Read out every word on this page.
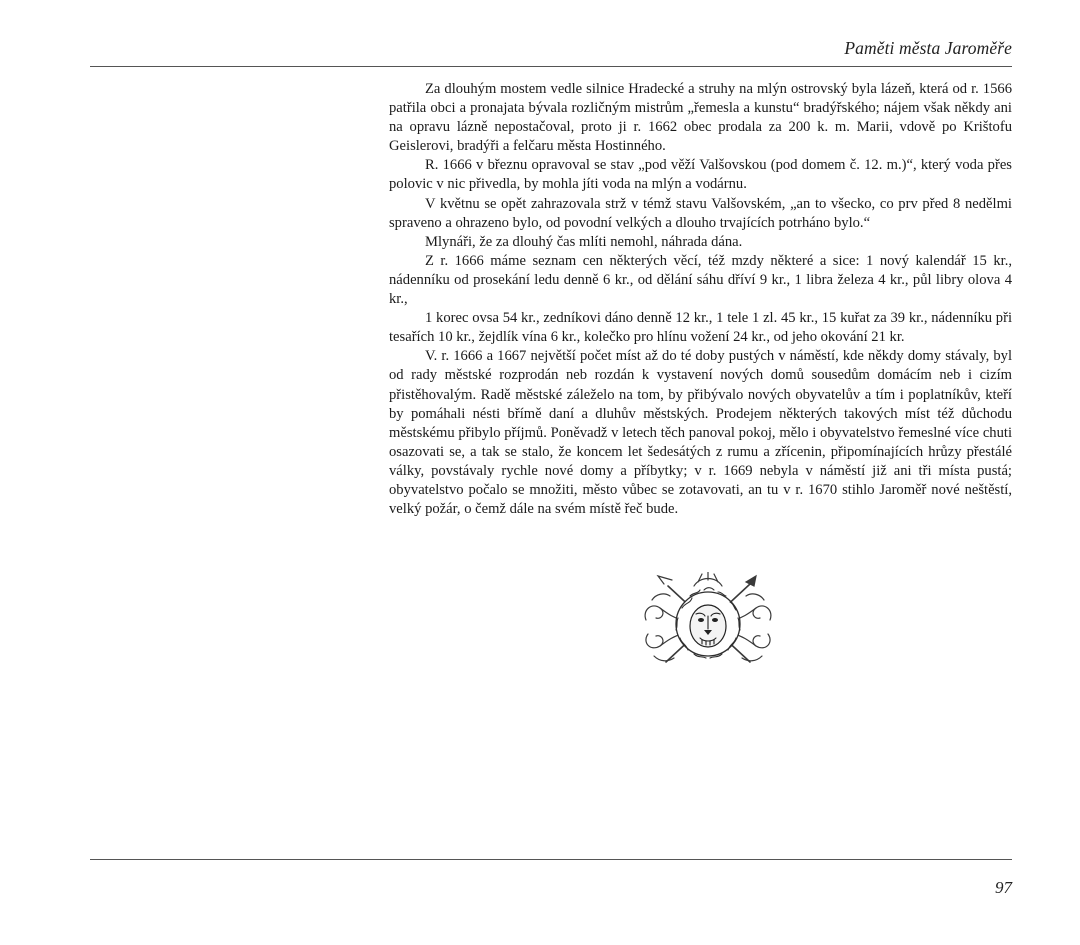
Paměti města Jaroměře

Za dlouhým mostem vedle silnice Hradecké a struhy na mlýn ostrovský byla lázeň, která od r. 1566 patřila obci a pronajata bývala rozličným mistrům „řemesla a kunstu“ bradýřského; nájem však někdy ani na opravu lázně nepostačoval, proto ji r. 1662 obec prodala za 200 k. m. Marii, vdově po Krištofu Geislerovi, bradýři a felčaru města Hostinného.

R. 1666 v březnu opravoval se stav „pod věží Valšovskou (pod domem č. 12. m.)“, který voda přes polovic v nic přivedla, by mohla jíti voda na mlýn a vodárnu.

V květnu se opět zahrazovala strž v témž stavu Valšovském, „an to všecko, co prv před 8 nedělmi spraveno a ohrazeno bylo, od povodní velkých a dlouho trvajících potrháno bylo.“

Mlynáři, že za dlouhý čas mlíti nemohl, náhrada dána.

Z r. 1666 máme seznam cen některých věcí, též mzdy některé a sice: 1 nový kalendář 15 kr., nádenníku od prosekání ledu denně 6 kr., od dělání sáhu dříví 9 kr., 1 libra železa 4 kr., půl libry olova 4 kr.,

1 korec ovsa 54 kr., zedníkovi dáno denně 12 kr., 1 tele 1 zl. 45 kr., 15 kuřat za 39 kr., nádenníku při tesařích 10 kr., žejdlík vína 6 kr., kolečko pro hlínu vožení 24 kr., od jeho okování 21 kr.

V. r. 1666 a 1667 největší počet míst až do té doby pustých v náměstí, kde někdy domy stávaly, byl od rady městské rozprodán neb rozdán k vystavení nových domů sousedům domácím neb i cizím přistěhovalým. Radě městské záleželo na tom, by přibývalo nových obyvatelův a tím i poplatníkův, kteří by pomáhali nésti břímě daní a dluhův městských. Prodejem některých takových míst též důchodu městskému přibylo příjmů. Poněvadž v letech těch panoval pokoj, mělo i obyvatelstvo řemeslné více chuti osazovati se, a tak se stalo, že koncem let šedesátých z rumu a zřícenin, připomínajících hrůzy přestálé války, povstávaly rychle nové domy a příbytky; v r. 1669 nebyla v náměstí již ani tři místa pustá; obyvatelstvo počalo se množiti, město vůbec se zotavovati, an tu v r. 1670 stihlo Jaroměř nové neštěstí, velký požár, o čemž dále na svém místě řeč bude.

97
